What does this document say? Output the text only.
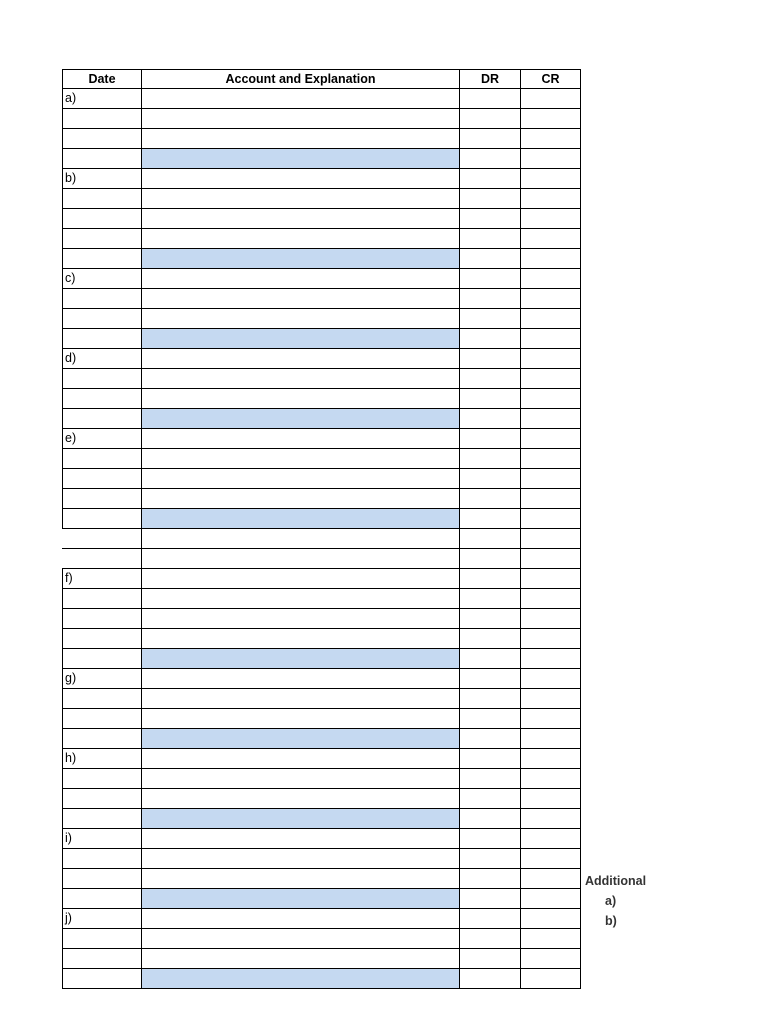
Date	Account and Explanation	DR	CR
a)
b)
c)
d)
e)
f)
g)
h)
i)
j)
Additional
a)
b)
